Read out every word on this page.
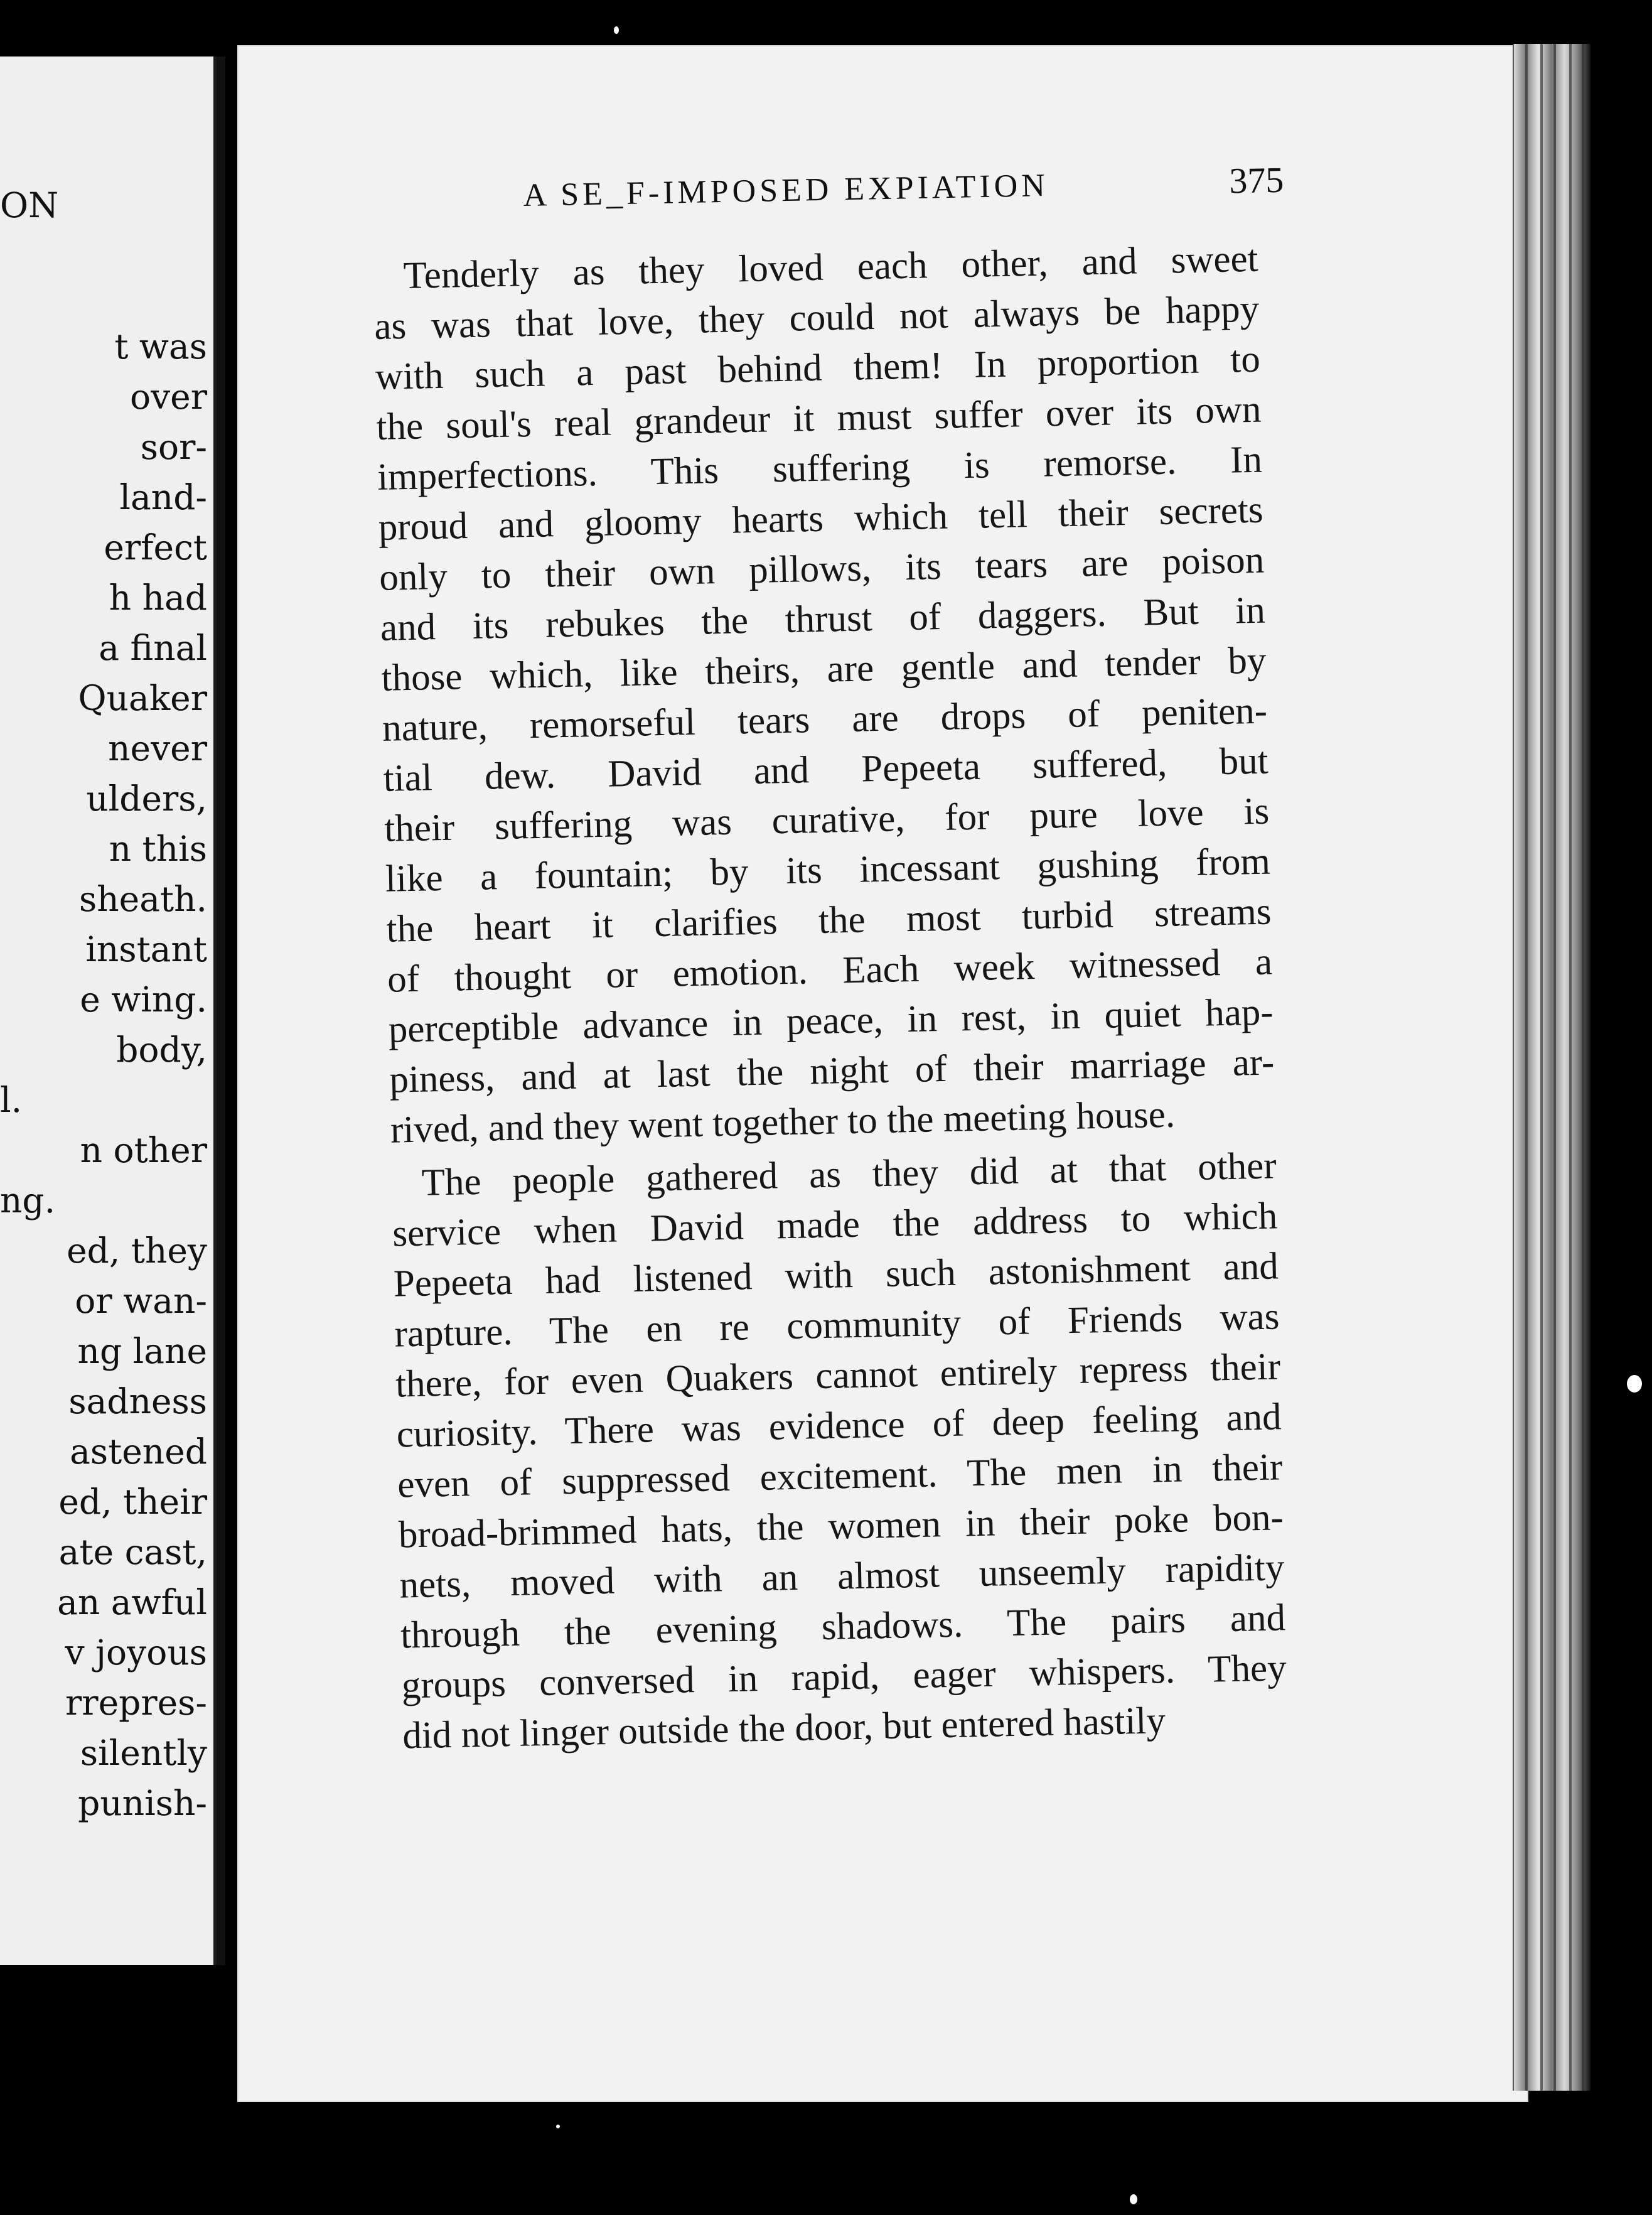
ON
t was
over
sor-
land-
erfect
h had
a final
Quaker
never
ulders,
n this
sheath.
instant
e wing.
body,
l.
n other
ng.
ed, they
or wan-
ng lane
sadness
astened
ed, their
ate cast,
an awful
v joyous
rrepres-
silently
punish-
A SE_F-IMPOSED EXPIATION	375
Tenderly as they loved each other, and sweet
as was that love, they could not always be happy
with such a past behind them! In proportion to
the soul's real grandeur it must suffer over its own
imperfections. This suffering is remorse. In
proud and gloomy hearts which tell their secrets
only to their own pillows, its tears are poison
and its rebukes the thrust of daggers. But in
those which, like theirs, are gentle and tender by
nature, remorseful tears are drops of peniten-
tial dew. David and Pepeeta suffered, but
their suffering was curative, for pure love is
like a fountain; by its incessant gushing from
the heart it clarifies the most turbid streams
of thought or emotion. Each week witnessed a
perceptible advance in peace, in rest, in quiet hap-
piness, and at last the night of their marriage ar-
rived, and they went together to the meeting house.
The people gathered as they did at that other
service when David made the address to which
Pepeeta had listened with such astonishment and
rapture. The en re community of Friends was
there, for even Quakers cannot entirely repress their
curiosity. There was evidence of deep feeling and
even of suppressed excitement. The men in their
broad-brimmed hats, the women in their poke bon-
nets, moved with an almost unseemly rapidity
through the evening shadows. The pairs and
groups conversed in rapid, eager whispers. They
did not linger outside the door, but entered hastily
